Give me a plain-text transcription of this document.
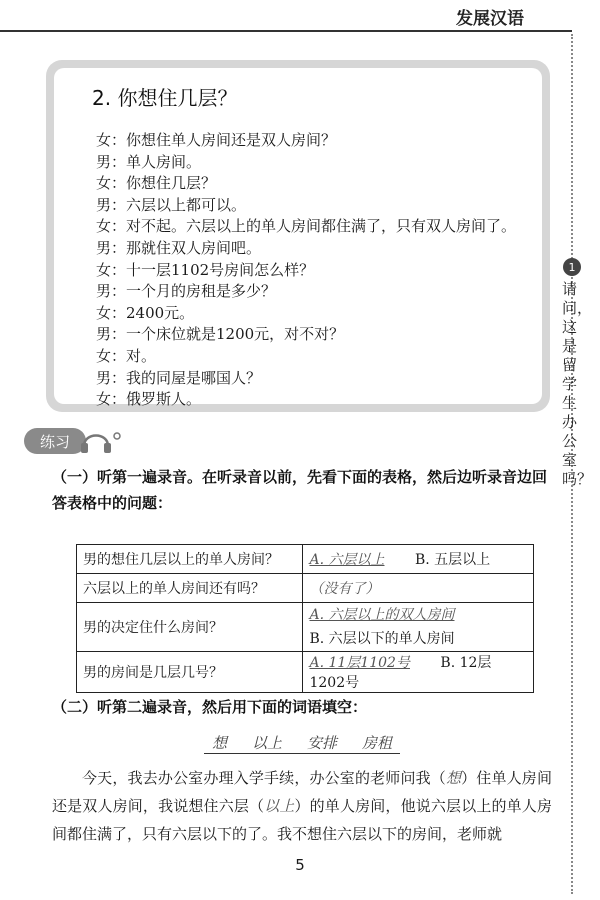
发展汉语
1
请问，这是留学生办公室吗？
2. 你想住几层？
女：你想住单人房间还是双人房间？
男：单人房间。
女：你想住几层？
男：六层以上都可以。
女：对不起。六层以上的单人房间都住满了，只有双人房间了。
男：那就住双人房间吧。
女：十一层1102号房间怎么样？
男：一个月的房租是多少？
女：2400元。
男：一个床位就是1200元，对不对？
女：对。
男：我的同屋是哪国人？
女：俄罗斯人。
练习
（一）听第一遍录音。在听录音以前，先看下面的表格，然后边听录音边回答表格中的问题：
男的想住几层以上的单人房间？	A. 六层以上 B. 五层以上
六层以上的单人房间还有吗？	（没有了）
男的决定住什么房间？	A. 六层以上的双人房间
B. 六层以下的单人房间

男的房间是几层几号？	A. 11层1102号 B. 12层1202号
（二）听第二遍录音，然后用下面的词语填空：
想 以上 安排 房租

今天，我去办公室办理入学手续，办公室的老师问我（想）住单人房间还是双人房间，我说想住六层（以上）的单人房间，他说六层以上的单人房间都住满了，只有六层以下的了。我不想住六层以下的房间，老师就

5
